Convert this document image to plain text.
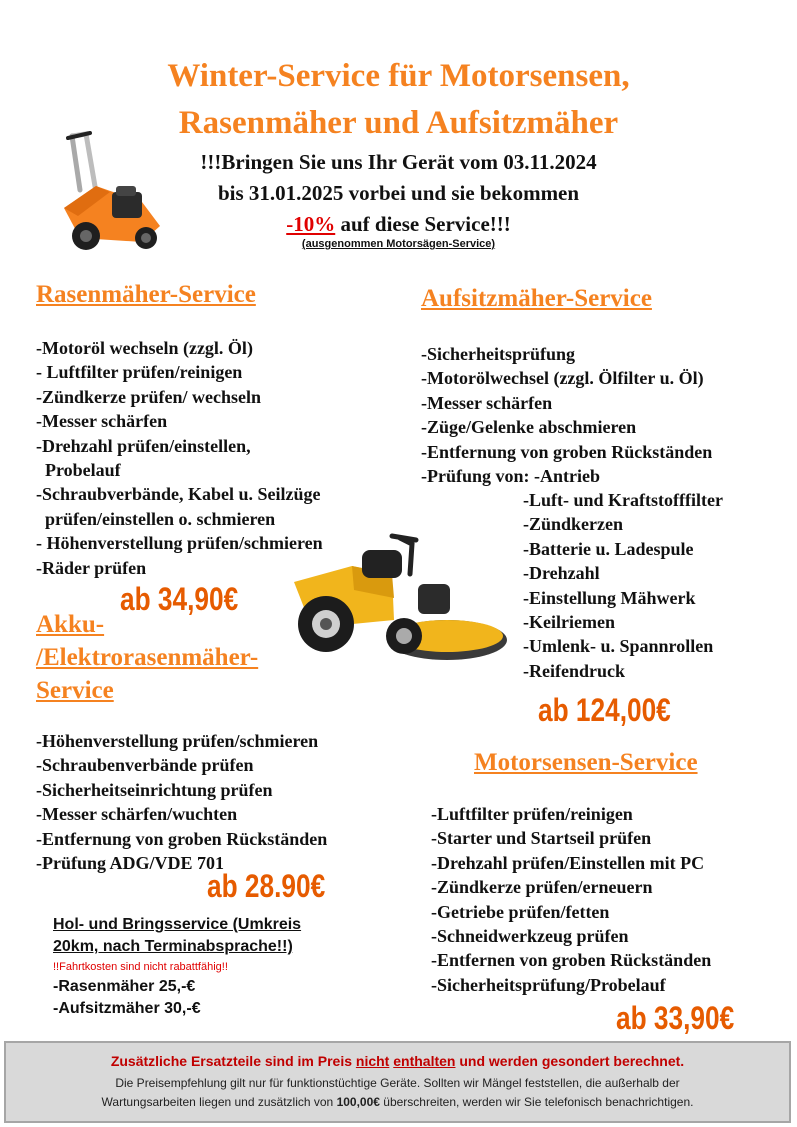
Winter-Service für Motorsensen,
Rasenmäher und Aufsitzmäher
!!!Bringen Sie uns Ihr Gerät vom 03.11.2024
bis 31.01.2025 vorbei und sie bekommen
-10% auf diese Service!!!
(ausgenommen Motorsägen-Service)
Rasenmäher-Service
-Motoröl wechseln (zzgl. Öl)
- Luftfilter prüfen/reinigen
-Zündkerze prüfen/ wechseln
-Messer schärfen
-Drehzahl prüfen/einstellen,
Probelauf
-Schraubverbände, Kabel u. Seilzüge
prüfen/einstellen o. schmieren
- Höhenverstellung prüfen/schmieren
-Räder prüfen
ab 34,90€
Akku-
/Elektrorasenmäher-
Service
-Höhenverstellung prüfen/schmieren
-Schraubenverbände prüfen
-Sicherheitseinrichtung prüfen
-Messer schärfen/wuchten
-Entfernung von groben Rückständen
-Prüfung ADG/VDE 701
ab 28.90€
Hol- und Bringsservice (Umkreis
20km, nach Terminabsprache!!)
!!Fahrtkosten sind nicht rabattfähig!!
-Rasenmäher 25,-€
-Aufsitzmäher 30,-€
Aufsitzmäher-Service
-Sicherheitsprüfung
-Motorölwechsel (zzgl. Ölfilter u. Öl)
-Messer schärfen
-Züge/Gelenke abschmieren
-Entfernung von groben Rückständen
-Prüfung von: -Antrieb
-Luft- und Kraftstofffilter
-Zündkerzen
-Batterie u. Ladespule
-Drehzahl
-Einstellung Mähwerk
-Keilriemen
-Umlenk- u. Spannrollen
-Reifendruck
ab 124,00€
Motorsensen-Service
-Luftfilter prüfen/reinigen
-Starter und Startseil prüfen
-Drehzahl prüfen/Einstellen mit PC
-Zündkerze prüfen/erneuern
-Getriebe prüfen/fetten
-Schneidwerkzeug prüfen
-Entfernen von groben Rückständen
-Sicherheitsprüfung/Probelauf
ab 33,90€
Zusätzliche Ersatzteile sind im Preis nicht enthalten und werden gesondert berechnet.
Die Preisempfehlung gilt nur für funktionstüchtige Geräte. Sollten wir Mängel feststellen, die außerhalb der
Wartungsarbeiten liegen und zusätzlich von 100,00€ überschreiten, werden wir Sie telefonisch benachrichtigen.
